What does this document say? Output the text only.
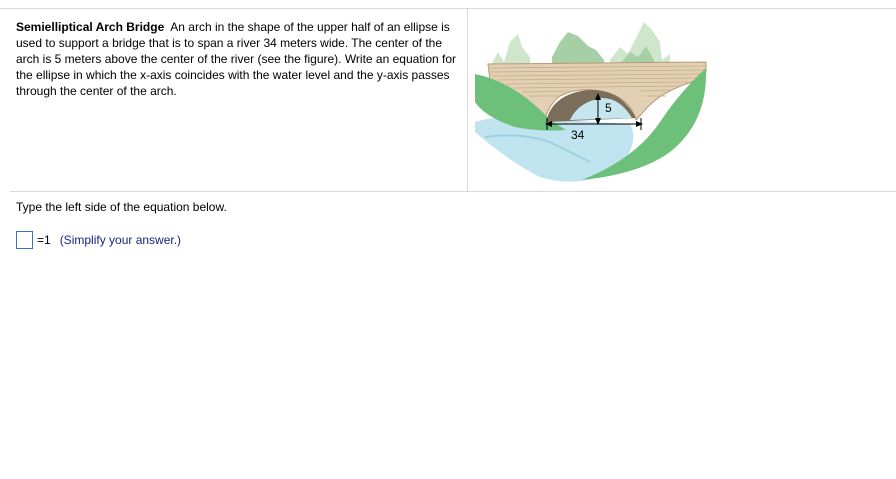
Semielliptical Arch Bridge An arch in the shape of the upper half of an ellipse is used to support a bridge that is to span a river 34 meters wide. The center of the arch is 5 meters above the center of the river (see the figure). Write an equation for the ellipse in which the x-axis coincides with the water level and the y-axis passes through the center of the arch.
5
34
Type the left side of the equation below.
=1 (Simplify your answer.)
